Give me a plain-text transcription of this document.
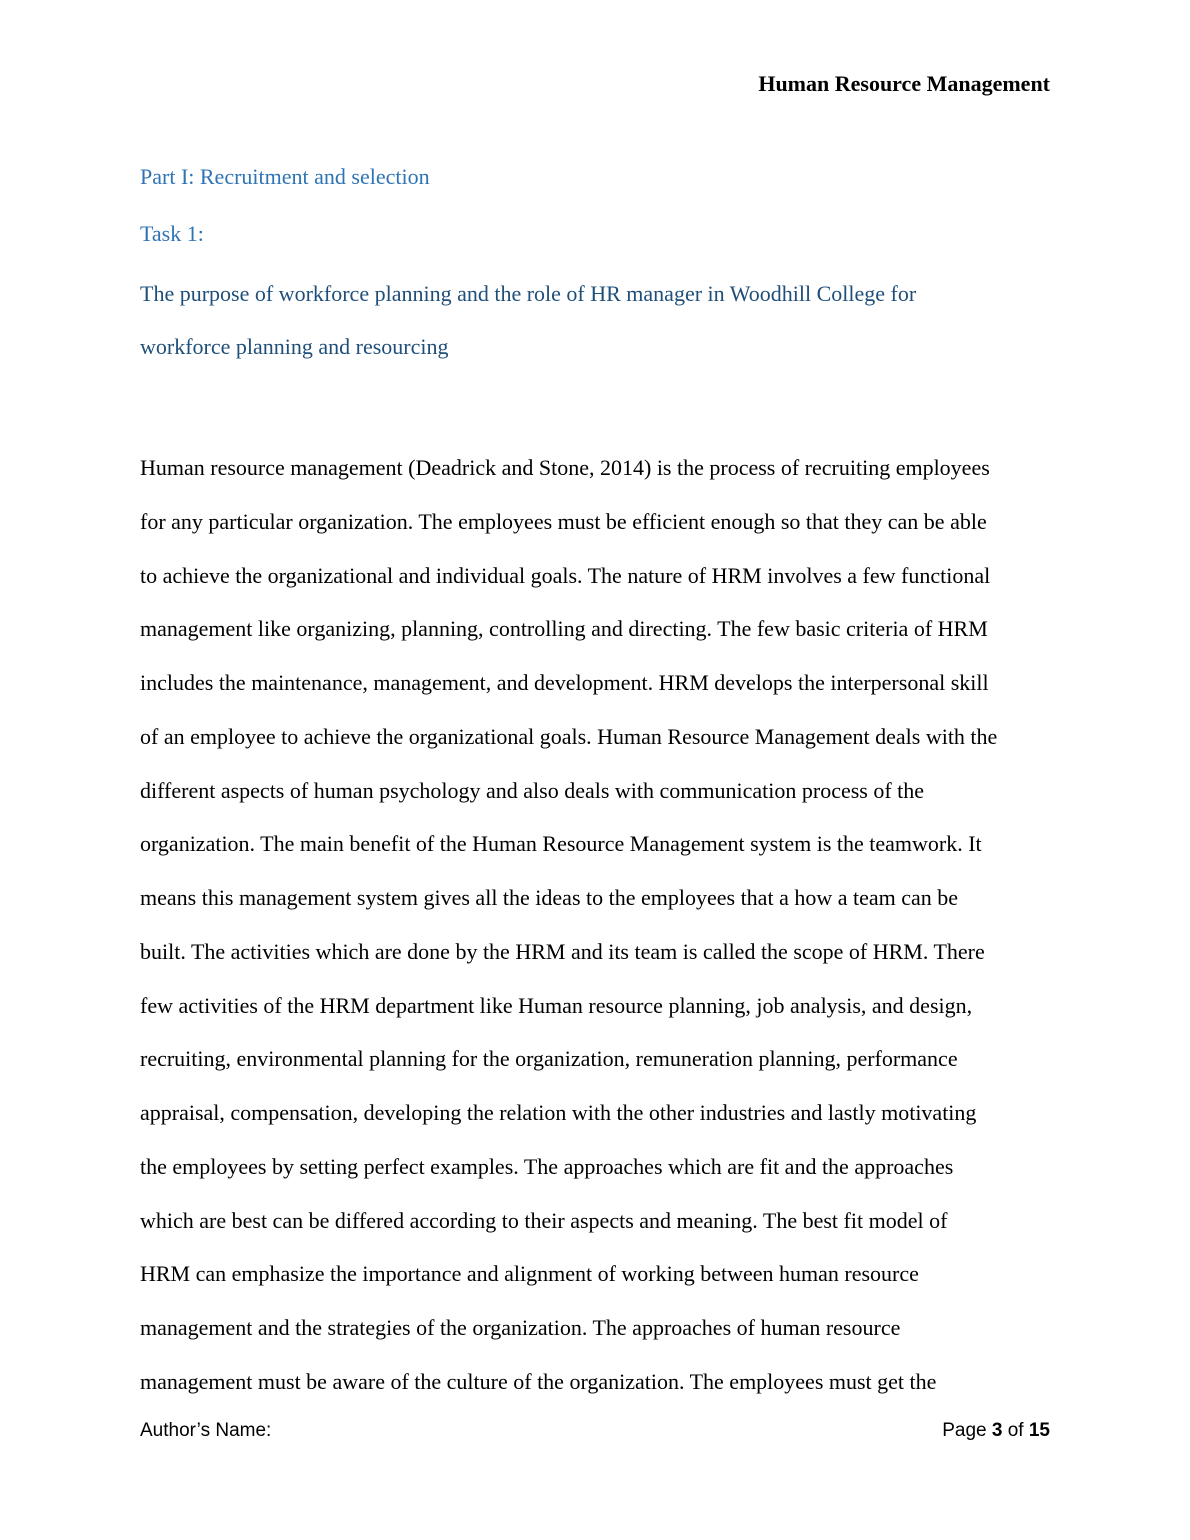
Human Resource Management
Part I: Recruitment and selection
Task 1:
The purpose of workforce planning and the role of HR manager in Woodhill College for
workforce planning and resourcing
Human resource management (Deadrick and Stone, 2014) is the process of recruiting employees
for any particular organization. The employees must be efficient enough so that they can be able
to achieve the organizational and individual goals. The nature of HRM involves a few functional
management like organizing, planning, controlling and directing. The few basic criteria of HRM
includes the maintenance, management, and development. HRM develops the interpersonal skill
of an employee to achieve the organizational goals. Human Resource Management deals with the
different aspects of human psychology and also deals with communication process of the
organization. The main benefit of the Human Resource Management system is the teamwork. It
means this management system gives all the ideas to the employees that a how a team can be
built. The activities which are done by the HRM and its team is called the scope of HRM. There
few activities of the HRM department like Human resource planning, job analysis, and design,
recruiting, environmental planning for the organization, remuneration planning, performance
appraisal, compensation, developing the relation with the other industries and lastly motivating
the employees by setting perfect examples. The approaches which are fit and the approaches
which are best can be differed according to their aspects and meaning. The best fit model of
HRM can emphasize the importance and alignment of working between human resource
management and the strategies of the organization. The approaches of human resource
management must be aware of the culture of the organization. The employees must get the
Author’s Name:	Page 3 of 15
